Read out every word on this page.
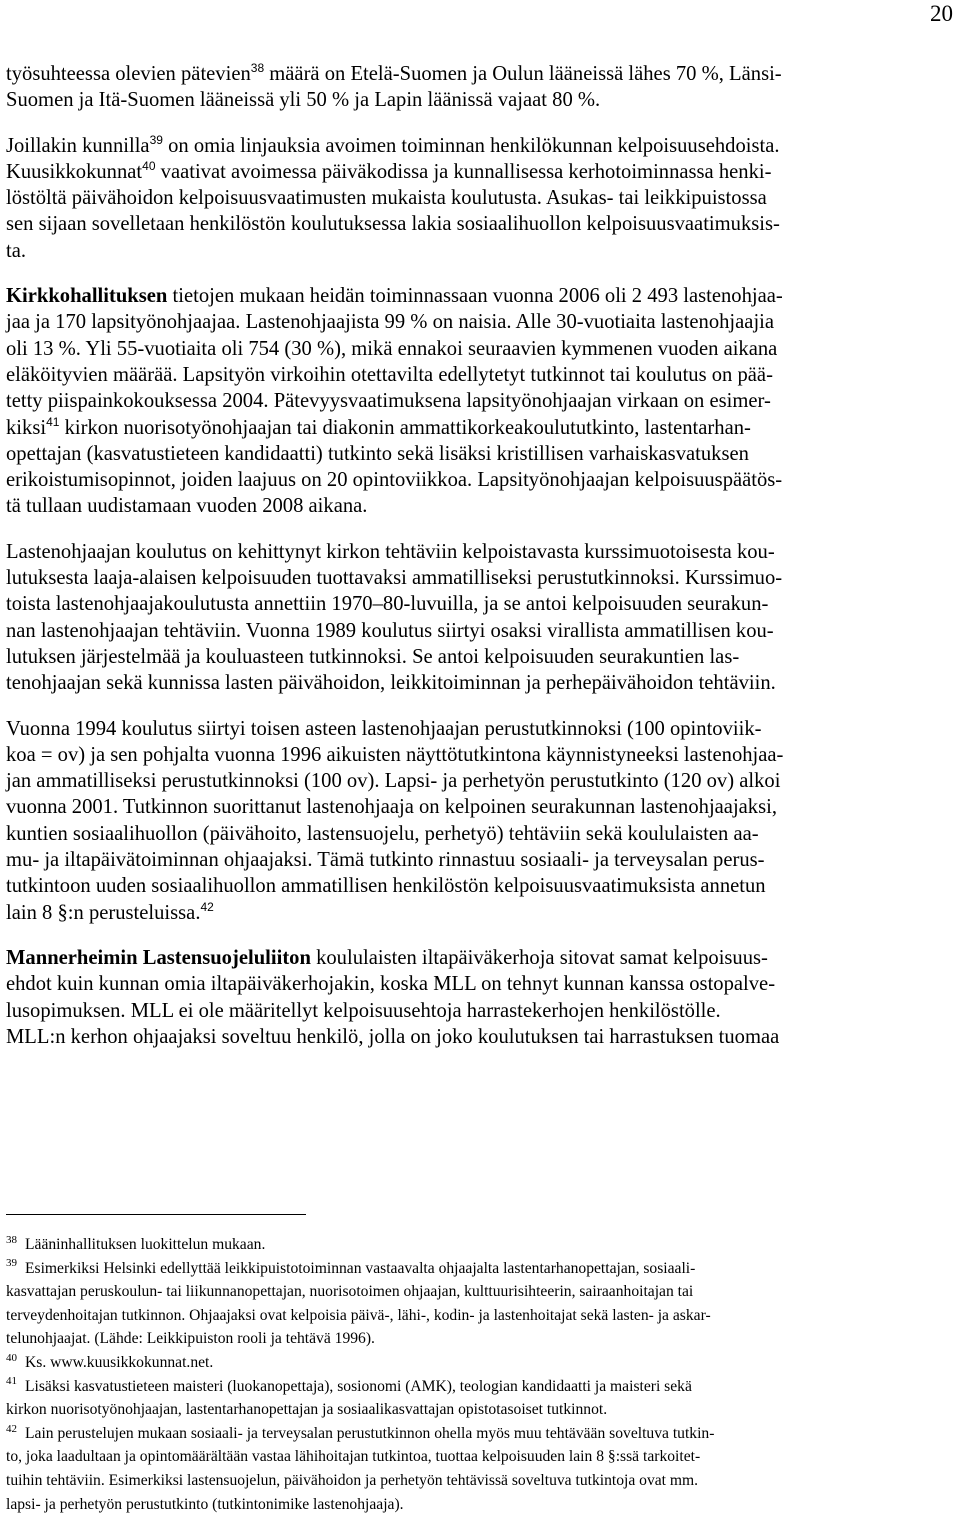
20

työsuhteessa olevien pätevien$^{38}$ määrä on Etelä-Suomen ja Oulun lääneissä lähes 70 %, Länsi-
Suomen ja Itä-Suomen lääneissä yli 50 % ja Lapin läänissä vajaat 80 %.

Joillakin kunnilla$^{39}$ on omia linjauksia avoimen toiminnan henkilökunnan kelpoisuusehdoista.
Kuusikkokunnat$^{40}$ vaativat avoimessa päiväkodissa ja kunnallisessa kerhotoiminnassa henki-
löstöltä päivähoidon kelpoisuusvaatimusten mukaista koulutusta. Asukas- tai leikkipuistossa
sen sijaan sovelletaan henkilöstön koulutuksessa lakia sosiaalihuollon kelpoisuusvaatimuksis-
ta.

Kirkkohallituksen tietojen mukaan heidän toiminnassaan vuonna 2006 oli 2 493 lastenohjaa-
jaa ja 170 lapsityönohjaajaa. Lastenohjaajista 99 % on naisia. Alle 30-vuotiaita lastenohjaajia
oli 13 %. Yli 55-vuotiaita oli 754 (30 %), mikä ennakoi seuraavien kymmenen vuoden aikana
eläköityvien määrää. Lapsityön virkoihin otettavilta edellytetyt tutkinnot tai koulutus on pää-
tetty piispainkokouksessa 2004. Pätevyysvaatimuksena lapsityönohjaajan virkaan on esimer-
kiksi$^{41}$ kirkon nuorisotyönohjaajan tai diakonin ammattikorkeakoulututkinto, lastentarhan-
opettajan (kasvatustieteen kandidaatti) tutkinto sekä lisäksi kristillisen varhaiskasvatuksen
erikoistumisopinnot, joiden laajuus on 20 opintoviikkoa. Lapsityönohjaajan kelpoisuuspäätös-
tä tullaan uudistamaan vuoden 2008 aikana.

Lastenohjaajan koulutus on kehittynyt kirkon tehtäviin kelpoistavasta kurssimuotoisesta kou-
lutuksesta laaja-alaisen kelpoisuuden tuottavaksi ammatilliseksi perustutkinnoksi. Kurssimuo-
toista lastenohjaajakoulutusta annettiin 1970–80-luvuilla, ja se antoi kelpoisuuden seurakun-
nan lastenohjaajan tehtäviin. Vuonna 1989 koulutus siirtyi osaksi virallista ammatillisen kou-
lutuksen järjestelmää ja kouluasteen tutkinnoksi. Se antoi kelpoisuuden seurakuntien las-
tenohjaajan sekä kunnissa lasten päivähoidon, leikkitoiminnan ja perhepäivähoidon tehtäviin.

Vuonna 1994 koulutus siirtyi toisen asteen lastenohjaajan perustutkinnoksi (100 opintoviik-
koa = ov) ja sen pohjalta vuonna 1996 aikuisten näyttötutkintona käynnistyneeksi lastenohjaa-
jan ammatilliseksi perustutkinnoksi (100 ov). Lapsi- ja perhetyön perustutkinto (120 ov) alkoi
vuonna 2001. Tutkinnon suorittanut lastenohjaaja on kelpoinen seurakunnan lastenohjaajaksi,
kuntien sosiaalihuollon (päivähoito, lastensuojelu, perhetyö) tehtäviin sekä koululaisten aa-
mu- ja iltapäivätoiminnan ohjaajaksi. Tämä tutkinto rinnastuu sosiaali- ja terveysalan perus-
tutkintoon uuden sosiaalihuollon ammatillisen henkilöstön kelpoisuusvaatimuksista annetun
lain 8 §:n perusteluissa.$^{42}$

Mannerheimin Lastensuojeluliiton koululaisten iltapäiväkerhoja sitovat samat kelpoisuus-
ehdot kuin kunnan omia iltapäiväkerhojakin, koska MLL on tehnyt kunnan kanssa ostopalve-
lusopimuksen. MLL ei ole määritellyt kelpoisuusehtoja harrastekerhojen henkilöstölle.
MLL:n kerhon ohjaajaksi soveltuu henkilö, jolla on joko koulutuksen tai harrastuksen tuomaa

$^{38}$ Lääninhallituksen luokittelun mukaan.

$^{39}$ Esimerkiksi Helsinki edellyttää leikkipuistotoiminnan vastaavalta ohjaajalta lastentarhanopettajan, sosiaali-
kasvattajan peruskoulun- tai liikunnanopettajan, nuorisotoimen ohjaajan, kulttuurisihteerin, sairaanhoitajan tai
terveydenhoitajan tutkinnon. Ohjaajaksi ovat kelpoisia päivä-, lähi-, kodin- ja lastenhoitajat sekä lasten- ja askar-
telunohjaajat. (Lähde: Leikkipuiston rooli ja tehtävä 1996).

$^{40}$ Ks. www.kuusikkokunnat.net.

$^{41}$ Lisäksi kasvatustieteen maisteri (luokanopettaja), sosionomi (AMK), teologian kandidaatti ja maisteri sekä
kirkon nuorisotyönohjaajan, lastentarhanopettajan ja sosiaalikasvattajan opistotasoiset tutkinnot.

$^{42}$ Lain perustelujen mukaan sosiaali- ja terveysalan perustutkinnon ohella myös muu tehtävään soveltuva tutkin-
to, joka laadultaan ja opintomäärältään vastaa lähihoitajan tutkintoa, tuottaa kelpoisuuden lain 8 §:ssä tarkoitet-
tuihin tehtäviin. Esimerkiksi lastensuojelun, päivähoidon ja perhetyön tehtävissä soveltuva tutkintoja ovat mm.
lapsi- ja perhetyön perustutkinto (tutkintonimike lastenohjaaja).
